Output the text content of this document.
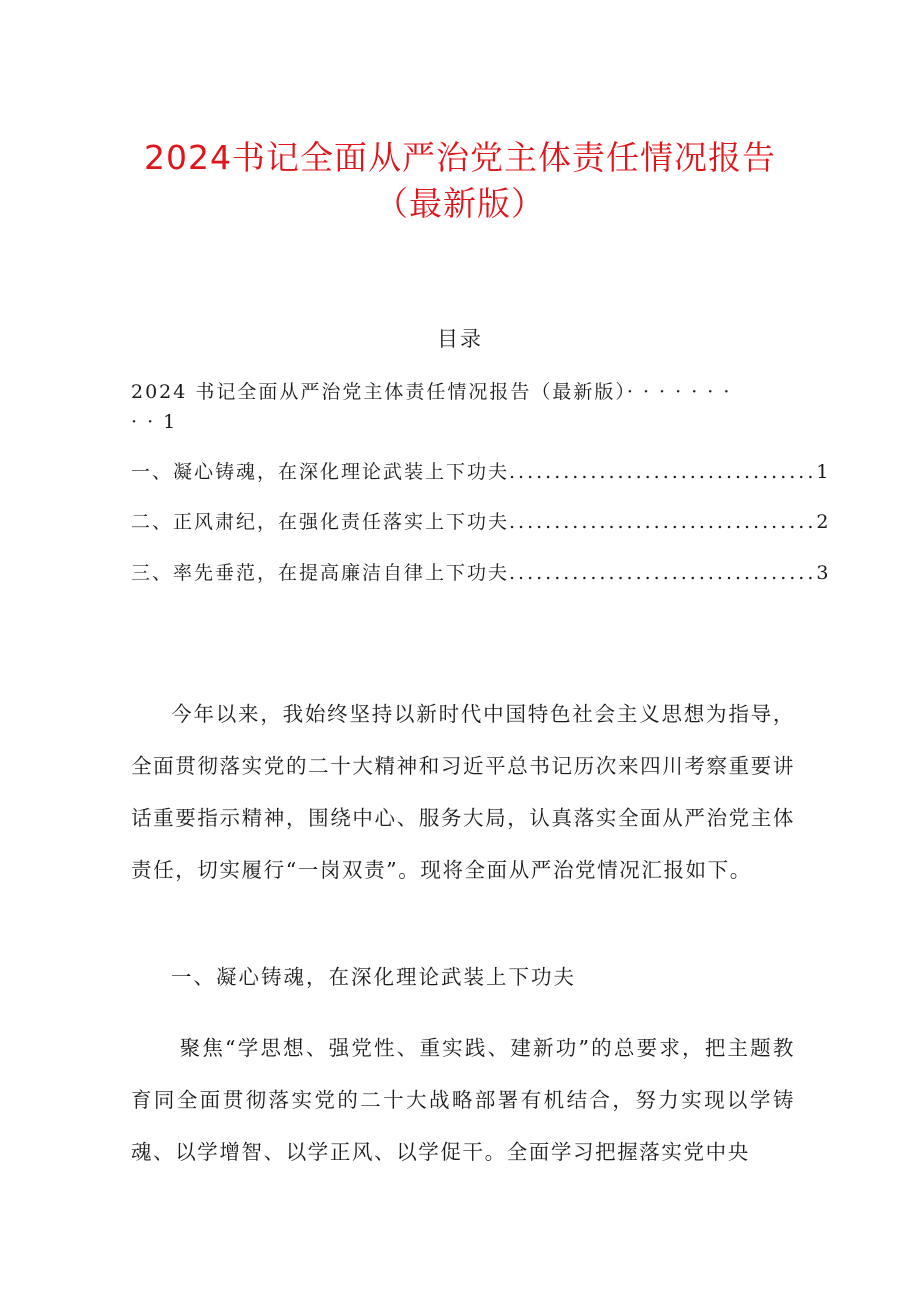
2024书记全面从严治党主体责任情况报告
（最新版）
目录
2024 书记全面从严治党主体责任情况报告（最新版）· · · · · · ·
· · 1
一、凝心铸魂，在深化理论武装上下功夫 .................................. 1
二、正风肃纪，在强化责任落实上下功夫 .................................. 2
三、率先垂范，在提高廉洁自律上下功夫 .................................. 3

今年以来，我始终坚持以新时代中国特色社会主义思想为指导，全面贯彻落实党的二十大精神和习近平总书记历次来四川考察重要讲话重要指示精神，围绕中心、服务大局，认真落实全面从严治党主体责任，切实履行“一岗双责”。现将全面从严治党情况汇报如下。

一、凝心铸魂，在深化理论武装上下功夫

聚焦“学思想、强党性、重实践、建新功”的总要求，把主题教育同全面贯彻落实党的二十大战略部署有机结合，努力实现以学铸魂、以学增智、以学正风、以学促干。全面学习把握落实党中央
